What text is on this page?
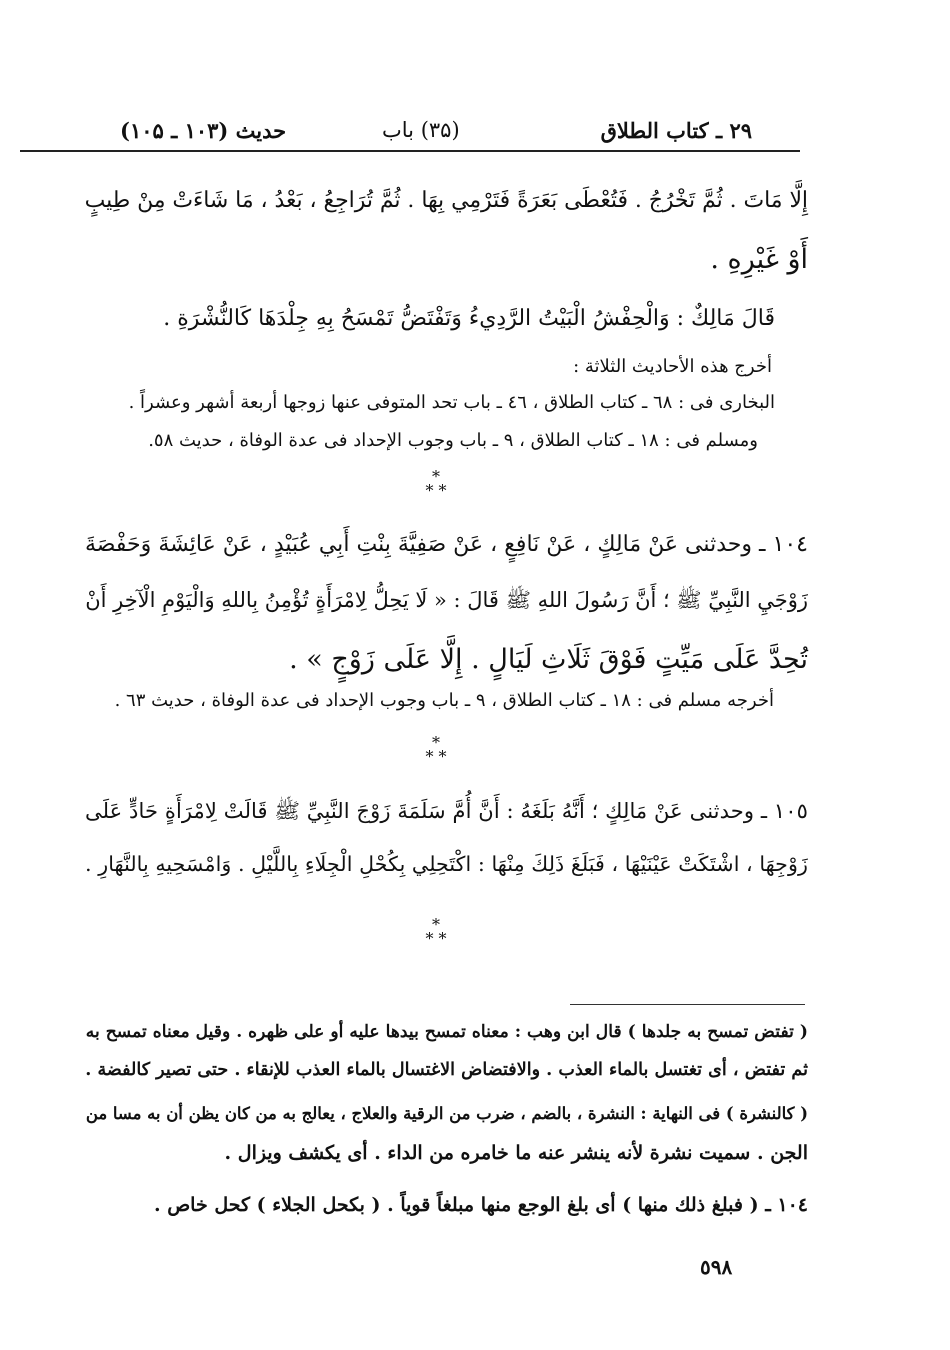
حديث (۱۰۳ ـ ۱۰۵)	(۳۵) باب	۲۹ ـ كتاب الطلاق
إِلَّا مَاتَ . ثُمَّ تَخْرُجُ . فَتُعْطَى بَعَرَةً فَتَرْمِي بِهَا . ثُمَّ تُرَاجِعُ ، بَعْدُ ، مَا شَاءَتْ مِنْ طِيبٍ
أَوْ غَيْرِهِ .
قَالَ مَالِكٌ : وَالْحِفْشُ الْبَيْتُ الرَّدِيءُ وَتَفْتَضُّ تَمْسَحُ بِهِ جِلْدَهَا كَالنُّشْرَةِ .
أخرج هذه الأحاديث الثلاثة :
البخارى فى : ٦٨ ـ كتاب الطلاق ، ٤٦ ـ باب تحد المتوفى عنها زوجها أربعة أشهر وعشراً .
ومسلم فى : ١٨ ـ كتاب الطلاق ، ٩ ـ باب وجوب الإحداد فى عدة الوفاة ، حديث ٥٨.
*
* *
١٠٤ ـ وحدثنى عَنْ مَالِكٍ ، عَنْ نَافِعٍ ، عَنْ صَفِيَّةَ بِنْتِ أَبِي عُبَيْدٍ ، عَنْ عَائِشَةَ وَحَفْصَةَ
زَوْجَيِ النَّبِيِّ ﷺ ؛ أَنَّ رَسُولَ اللهِ ﷺ قَالَ : « لَا يَحِلُّ لِامْرَأَةٍ تُؤْمِنُ بِاللهِ وَالْيَوْمِ الْآخِرِ أَنْ
تُحِدَّ عَلَى مَيِّتٍ فَوْقَ ثَلَاثِ لَيَالٍ . إِلَّا عَلَى زَوْجٍ » .
أخرجه مسلم فى : ١٨ ـ كتاب الطلاق ، ٩ ـ باب وجوب الإحداد فى عدة الوفاة ، حديث ٦٣ .
*
* *
١٠٥ ـ وحدثنى عَنْ مَالِكٍ ؛ أَنَّهُ بَلَغَهُ : أَنَّ أُمَّ سَلَمَةَ زَوْجَ النَّبِيِّ ﷺ قَالَتْ لِامْرَأَةٍ حَادٍّ عَلَى
زَوْجِهَا ، اشْتَكَتْ عَيْنَيْهَا ، فَبَلَغَ ذَلِكَ مِنْهَا : اكْتَحِلِي بِكُحْلِ الْجِلَاءِ بِاللَّيْلِ . وَامْسَحِيهِ بِالنَّهَارِ .
*
* *
( تفتض تمسح به جلدها ) قال ابن وهب : معناه تمسح بيدها عليه أو على ظهره . وقيل معناه تمسح به
ثم تفتض ، أى تغتسل بالماء العذب . والافتضاض الاغتسال بالماء العذب للإنقاء . حتى تصير كالفضة .
( كالنشرة ) فى النهاية : النشرة ، بالضم ، ضرب من الرقية والعلاج ، يعالج به من كان يظن أن به مسا من
الجن . سميت نشرة لأنه ينشر عنه ما خامره من الداء . أى يكشف ويزال .
١٠٤ ـ ( فبلغ ذلك منها ) أى بلغ الوجع منها مبلغاً قوياً . ( بكحل الجلاء ) كحل خاص .
٥٩٨
